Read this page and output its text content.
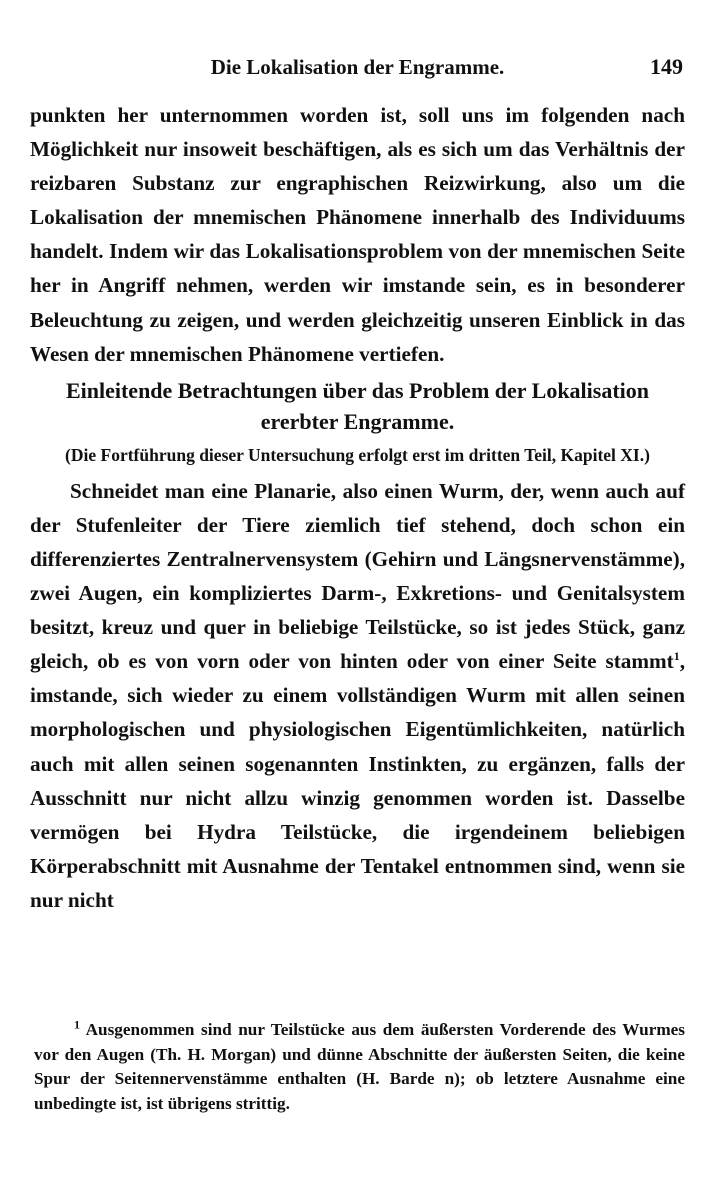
Die Lokalisation der Engramme.	149

punkten her unternommen worden ist, soll uns im folgenden nach Möglichkeit nur insoweit beschäftigen, als es sich um das Verhältnis der reizbaren Substanz zur engraphischen Reizwirkung, also um die Lokalisation der mnemischen Phänomene innerhalb des Individuums handelt. Indem wir das Lokalisationsproblem von der mnemischen Seite her in Angriff nehmen, werden wir imstande sein, es in besonderer Beleuchtung zu zeigen, und werden gleichzeitig unseren Einblick in das Wesen der mnemischen Phänomene vertiefen.

Einleitende Betrachtungen über das Problem der Lokalisation ererbter Engramme.

(Die Fortführung dieser Untersuchung erfolgt erst im dritten Teil, Kapitel XI.)

Schneidet man eine Planarie, also einen Wurm, der, wenn auch auf der Stufenleiter der Tiere ziemlich tief stehend, doch schon ein differenziertes Zentralnervensystem (Gehirn und Längsnervenstämme), zwei Augen, ein kompliziertes Darm-, Exkretions- und Genitalsystem besitzt, kreuz und quer in beliebige Teilstücke, so ist jedes Stück, ganz gleich, ob es von vorn oder von hinten oder von einer Seite stammt$^1$, imstande, sich wieder zu einem vollständigen Wurm mit allen seinen morphologischen und physiologischen Eigentümlichkeiten, natürlich auch mit allen seinen sogenannten Instinkten, zu ergänzen, falls der Ausschnitt nur nicht allzu winzig genommen worden ist. Dasselbe vermögen bei Hydra Teilstücke, die irgendeinem beliebigen Körperabschnitt mit Ausnahme der Tentakel entnommen sind, wenn sie nur nicht

$^1$ Ausgenommen sind nur Teilstücke aus dem äußersten Vorderende des Wurmes vor den Augen (Th. H. Morgan) und dünne Abschnitte der äußersten Seiten, die keine Spur der Seitennervenstämme enthalten (H. Barde n); ob letztere Ausnahme eine unbedingte ist, ist übrigens strittig.
